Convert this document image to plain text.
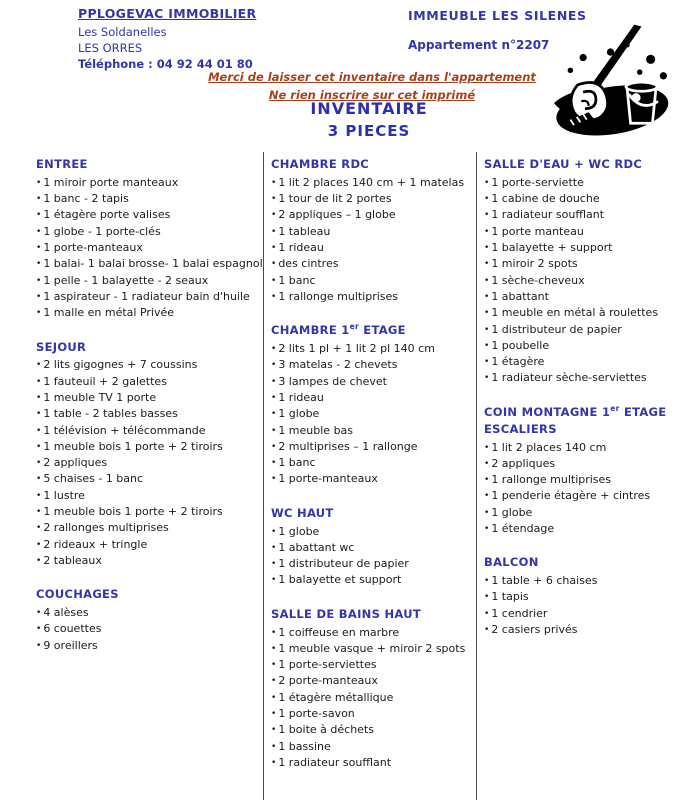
PPLOGEVAC IMMOBILIER
Les Soldanelles
LES ORRES
Téléphone : 04 92 44 01 80
IMMEUBLE LES SILENES
Appartement n°2207
Merci de laisser cet inventaire dans l'appartement
Ne rien inscrire sur cet imprimé
INVENTAIRE
3 PIECES
ENTREE
• 1 miroir porte manteaux
• 1 banc - 2 tapis
• 1 étagère porte valises
• 1 globe - 1 porte-clés
• 1 porte-manteaux
• 1 balai- 1 balai brosse- 1 balai espagnol
• 1 pelle - 1 balayette - 2 seaux
• 1 aspirateur - 1 radiateur bain d'huile
• 1 malle en métal Privée
SEJOUR
• 2 lits gigognes + 7 coussins
• 1 fauteuil + 2 galettes
• 1 meuble TV 1 porte
• 1 table - 2 tables basses
• 1 télévision + télécommande
• 1 meuble bois 1 porte + 2 tiroirs
• 2 appliques
• 5 chaises - 1 banc
• 1 lustre
• 1 meuble bois 1 porte + 2 tiroirs
• 2 rallonges multiprises
• 2 rideaux + tringle
• 2 tableaux
COUCHAGES
• 4 alèses
• 6 couettes
• 9 oreillers
CHAMBRE RDC
• 1 lit 2 places 140 cm + 1 matelas
• 1 tour de lit 2 portes
• 2 appliques – 1 globe
• 1 tableau
• 1 rideau
• des cintres
• 1 banc
• 1 rallonge multiprises
CHAMBRE 1er ETAGE
• 2 lits 1 pl + 1 lit 2 pl 140 cm
• 3 matelas - 2 chevets
• 3 lampes de chevet
• 1 rideau
• 1 globe
• 1 meuble bas
• 2 multiprises – 1 rallonge
• 1 banc
• 1 porte-manteaux
WC HAUT
• 1 globe
• 1 abattant wc
• 1 distributeur de papier
• 1 balayette et support
SALLE DE BAINS HAUT
• 1 coiffeuse en marbre
• 1 meuble vasque + miroir 2 spots
• 1 porte-serviettes
• 2 porte-manteaux
• 1 étagère métallique
• 1 porte-savon
• 1 boite à déchets
• 1 bassine
• 1 radiateur soufflant
SALLE D'EAU + WC RDC
• 1 porte-serviette
• 1 cabine de douche
• 1 radiateur soufflant
• 1 porte manteau
• 1 balayette + support
• 1 miroir 2 spots
• 1 sèche-cheveux
• 1 abattant
• 1 meuble en métal à roulettes
• 1 distributeur de papier
• 1 poubelle
• 1 étagère
• 1 radiateur sèche-serviettes
COIN MONTAGNE 1er ETAGE
ESCALIERS
• 1 lit 2 places 140 cm
• 2 appliques
• 1 rallonge multiprises
• 1 penderie étagère + cintres
• 1 globe
• 1 étendage
BALCON
• 1 table + 6 chaises
• 1 tapis
• 1 cendrier
• 2 casiers privés
